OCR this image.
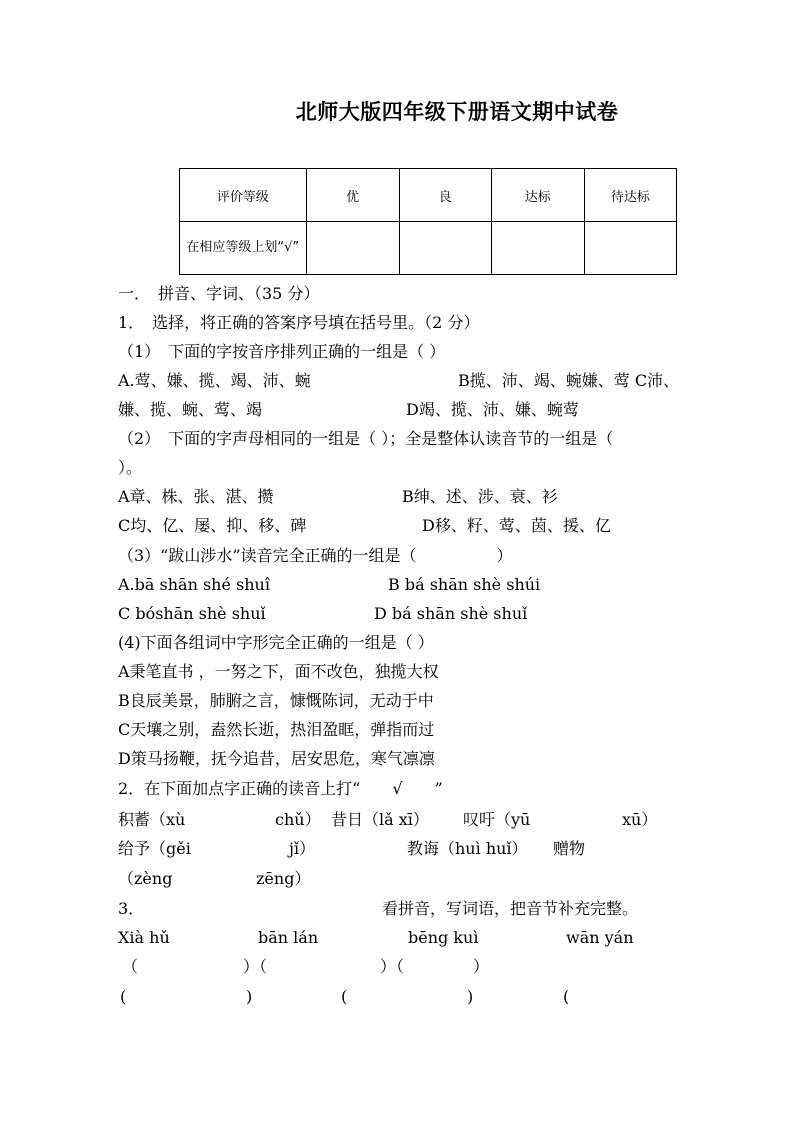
北师大版四年级下册语文期中试卷
评价等级	优	良	达标	待达标
在相应等级上划“√”				
一．　拼音、字词、（35 分）
1．　选择，将正确的答案序号填在括号里。（2 分）
（1）　下面的字按音序排列正确的一组是（ ）
A.莺、嫌、揽、竭、沛、蜿	B揽、沛、竭、蜿嫌、莺 C沛、
嫌、揽、蜿、莺、竭	D竭、揽、沛、嫌、蜿莺
（2）　下面的字声母相同的一组是（ ）；全是整体认读音节的一组是（
）。
A章、株、张、湛、攒	B绅、述、涉、衰、衫
C均、亿、屡、抑、移、碑	D移、籽、莺、茵、援、亿
（3）“跋山涉水”读音完全正确的一组是（　　　　　）
A.bā shān shé shuî	B bá shān shè shúi
C bóshān shè shuǐ	D bá shān shè shuǐ
(4)下面各组词中字形完全正确的一组是（ ）
A秉笔直书 ，一努之下，面不改色，独揽大权
B良辰美景，肺腑之言，慷慨陈词，无动于中
C天壤之别，盍然长逝，热泪盈眶，弹指而过
D策马扬鞭，抚今追昔，居安思危，寒气凛凛
2．在下面加点字正确的读音上打“　　√　　”
积蓄（xù	chǔ） 昔日（lǎ xī） 叹吁（yū	xū）
给予（gěi	jǐ）	教诲（huì huǐ） 赠物
（zèng	zēng）
3．	看拼音，写词语，把音节补充完整。
Xià hǔ	bān lán	bēng kuì	wān yán
（	）（	）（	）
(	)	(	)	(
